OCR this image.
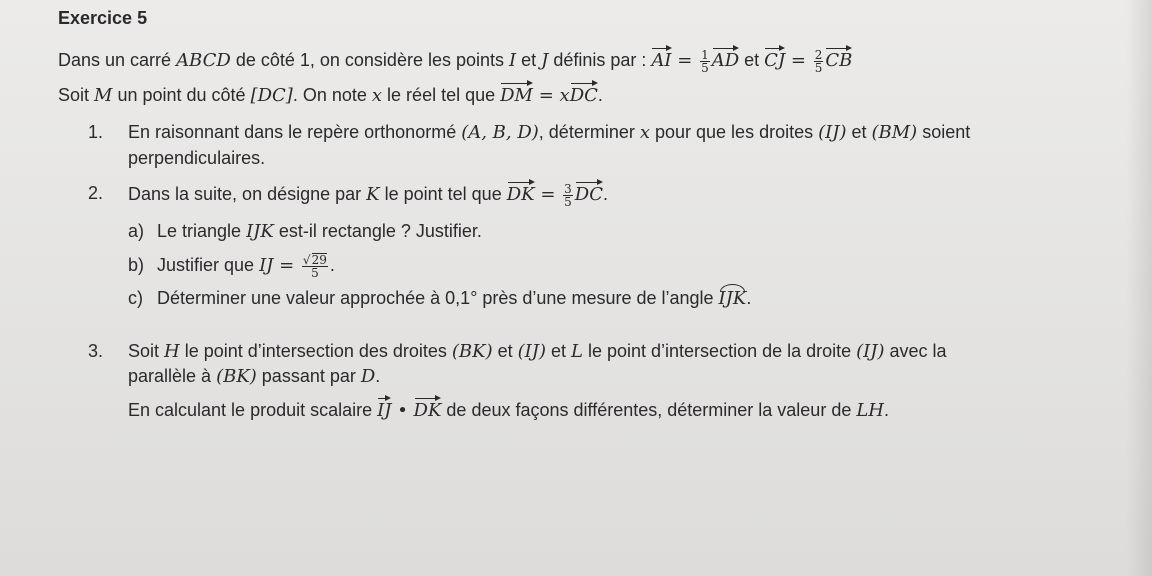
Exercice 5
Dans un carré ABCD de côté 1, on considère les points I et J définis par : AI = $\frac{1}{5}$ AD et CJ = $\frac{2}{5}$ CB
Soit M un point du côté [DC]. On note x le réel tel que DM = xDC.
1. En raisonnant dans le repère orthonormé (A, B, D), déterminer x pour que les droites (IJ) et (BM) soient
perpendiculaires.
2. Dans la suite, on désigne par K le point tel que DK = $\frac{3}{5}$ DC.
a) Le triangle IJK est-il rectangle ? Justifier.
b) Justifier que IJ = $\frac{√29}{5}$ .
c) Déterminer une valeur approchée à 0,1° près d’une mesure de l’angle IJK.
3. Soit H le point d’intersection des droites (BK) et (IJ) et L le point d’intersection de la droite (IJ) avec la
parallèle à (BK) passant par D.
En calculant le produit scalaire IJ • DK de deux façons différentes, déterminer la valeur de LH.
